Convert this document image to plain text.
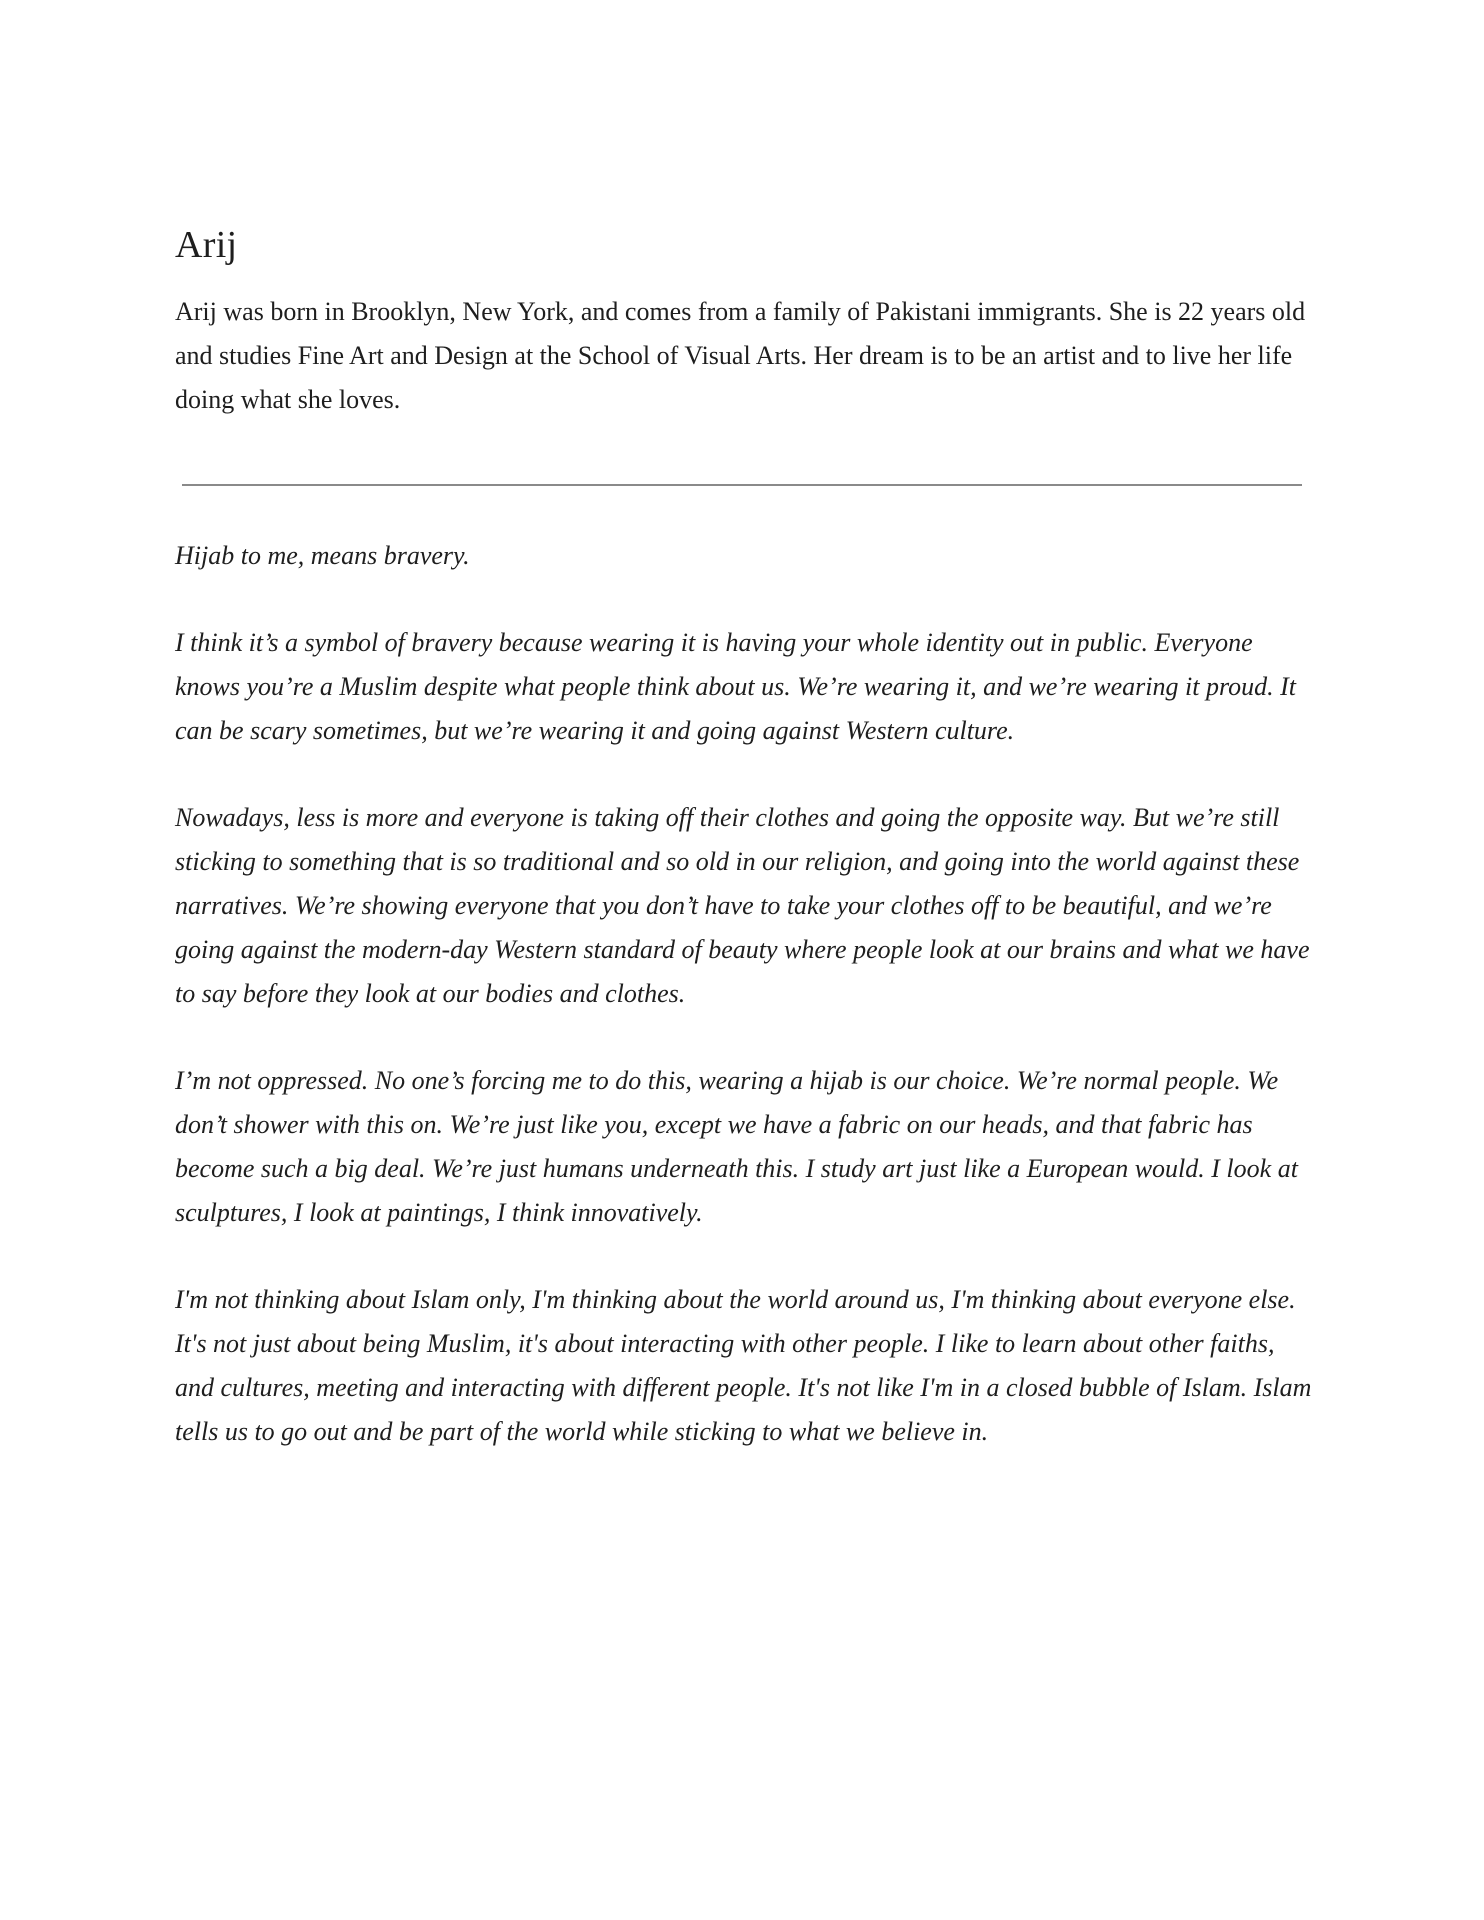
Arij

Arij was born in Brooklyn, New York, and comes from a family of Pakistani immigrants. She is 22 years old and studies Fine Art and Design at the School of Visual Arts. Her dream is to be an artist and to live her life doing what she loves.

Hijab to me, means bravery.

I think it’s a symbol of bravery because wearing it is having your whole identity out in public. Everyone knows you’re a Muslim despite what people think about us. We’re wearing it, and we’re wearing it proud. It can be scary sometimes, but we’re wearing it and going against Western culture.

Nowadays, less is more and everyone is taking off their clothes and going the opposite way. But we’re still sticking to something that is so traditional and so old in our religion, and going into the world against these narratives. We’re showing everyone that you don’t have to take your clothes off to be beautiful, and we’re going against the modern-day Western standard of beauty where people look at our brains and what we have to say before they look at our bodies and clothes.

I’m not oppressed. No one’s forcing me to do this, wearing a hijab is our choice. We’re normal people. We don’t shower with this on. We’re just like you, except we have a fabric on our heads, and that fabric has become such a big deal. We’re just humans underneath this. I study art just like a European would. I look at sculptures, I look at paintings, I think innovatively.

I'm not thinking about Islam only, I'm thinking about the world around us, I'm thinking about everyone else. It's not just about being Muslim, it's about interacting with other people. I like to learn about other faiths, and cultures, meeting and interacting with different people. It's not like I'm in a closed bubble of Islam. Islam tells us to go out and be part of the world while sticking to what we believe in.
